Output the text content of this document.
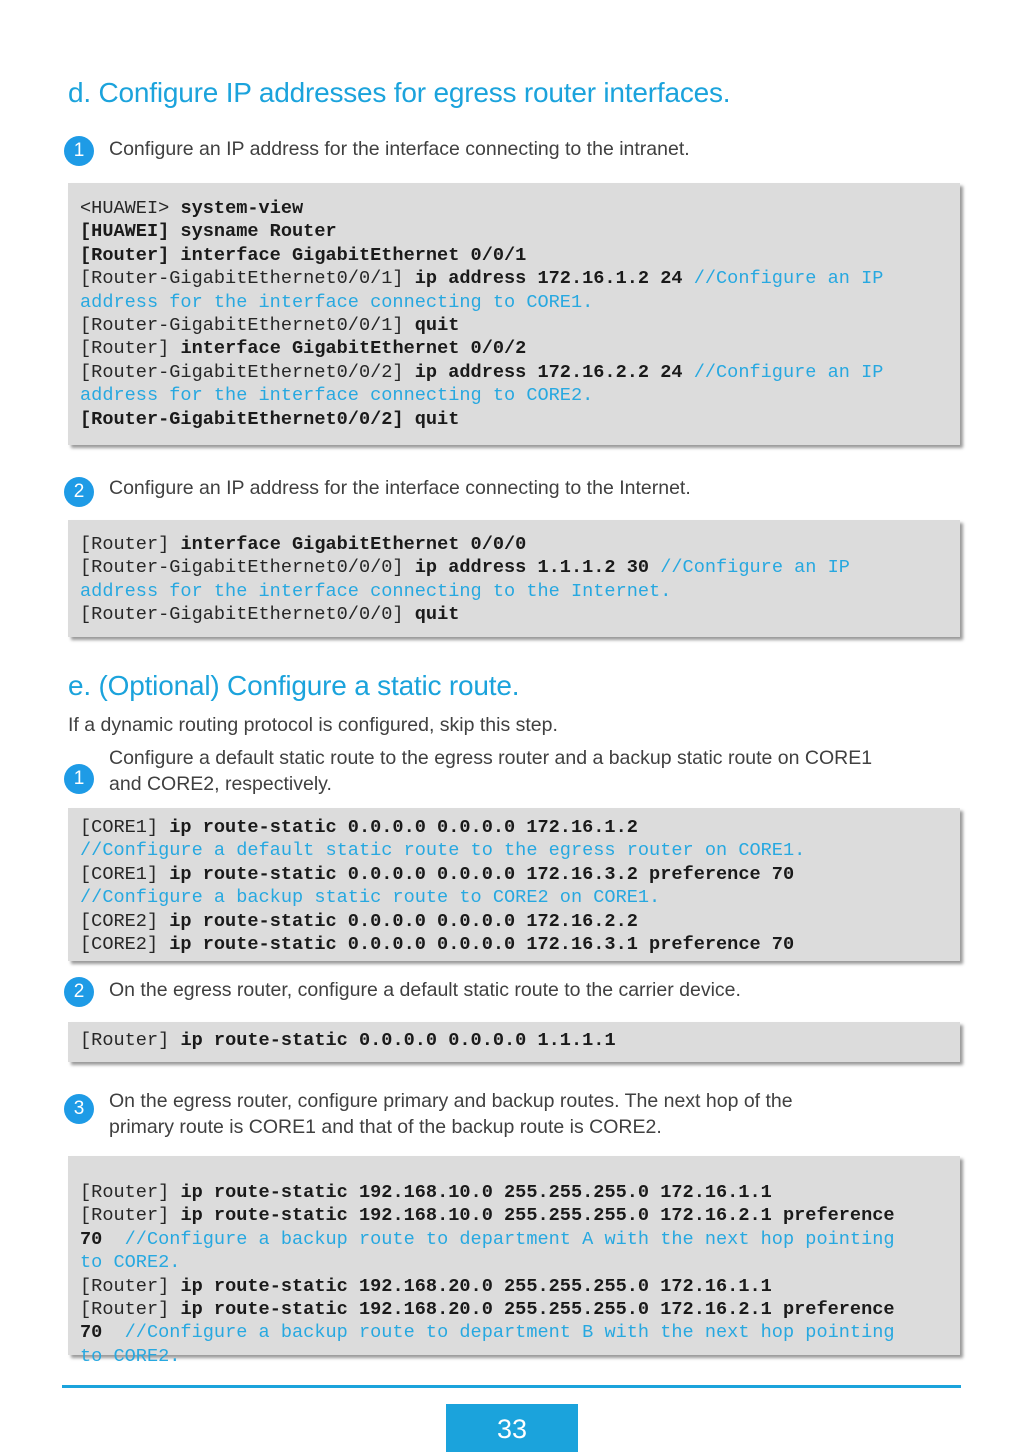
d. Configure IP addresses for egress router interfaces.
1	Configure an IP address for the interface connecting to the intranet.
<HUAWEI> system-view
[HUAWEI] sysname Router
[Router] interface GigabitEthernet 0/0/1
[Router-GigabitEthernet0/0/1] ip address 172.16.1.2 24 //Configure an IP
address for the interface connecting to CORE1.
[Router-GigabitEthernet0/0/1] quit
[Router] interface GigabitEthernet 0/0/2
[Router-GigabitEthernet0/0/2] ip address 172.16.2.2 24 //Configure an IP
address for the interface connecting to CORE2.
[Router-GigabitEthernet0/0/2] quit
2	Configure an IP address for the interface connecting to the Internet.
[Router] interface GigabitEthernet 0/0/0
[Router-GigabitEthernet0/0/0] ip address 1.1.1.2 30 //Configure an IP
address for the interface connecting to the Internet.
[Router-GigabitEthernet0/0/0] quit
e. (Optional) Configure a static route.
If a dynamic routing protocol is configured, skip this step.
1
Configure a default static route to the egress router and a backup static route on CORE1
and CORE2, respectively.
[CORE1] ip route-static 0.0.0.0 0.0.0.0 172.16.1.2
//Configure a default static route to the egress router on CORE1.
[CORE1] ip route-static 0.0.0.0 0.0.0.0 172.16.3.2 preference 70
//Configure a backup static route to CORE2 on CORE1.
[CORE2] ip route-static 0.0.0.0 0.0.0.0 172.16.2.2
[CORE2] ip route-static 0.0.0.0 0.0.0.0 172.16.3.1 preference 70
2	On the egress router, configure a default static route to the carrier device.
[Router] ip route-static 0.0.0.0 0.0.0.0 1.1.1.1
3	On the egress router, configure primary and backup routes. The next hop of the
primary route is CORE1 and that of the backup route is CORE2.
[Router] ip route-static 192.168.10.0 255.255.255.0 172.16.1.1
[Router] ip route-static 192.168.10.0 255.255.255.0 172.16.2.1 preference
70  //Configure a backup route to department A with the next hop pointing
to CORE2.
[Router] ip route-static 192.168.20.0 255.255.255.0 172.16.1.1
[Router] ip route-static 192.168.20.0 255.255.255.0 172.16.2.1 preference
70  //Configure a backup route to department B with the next hop pointing
to CORE2.
33
